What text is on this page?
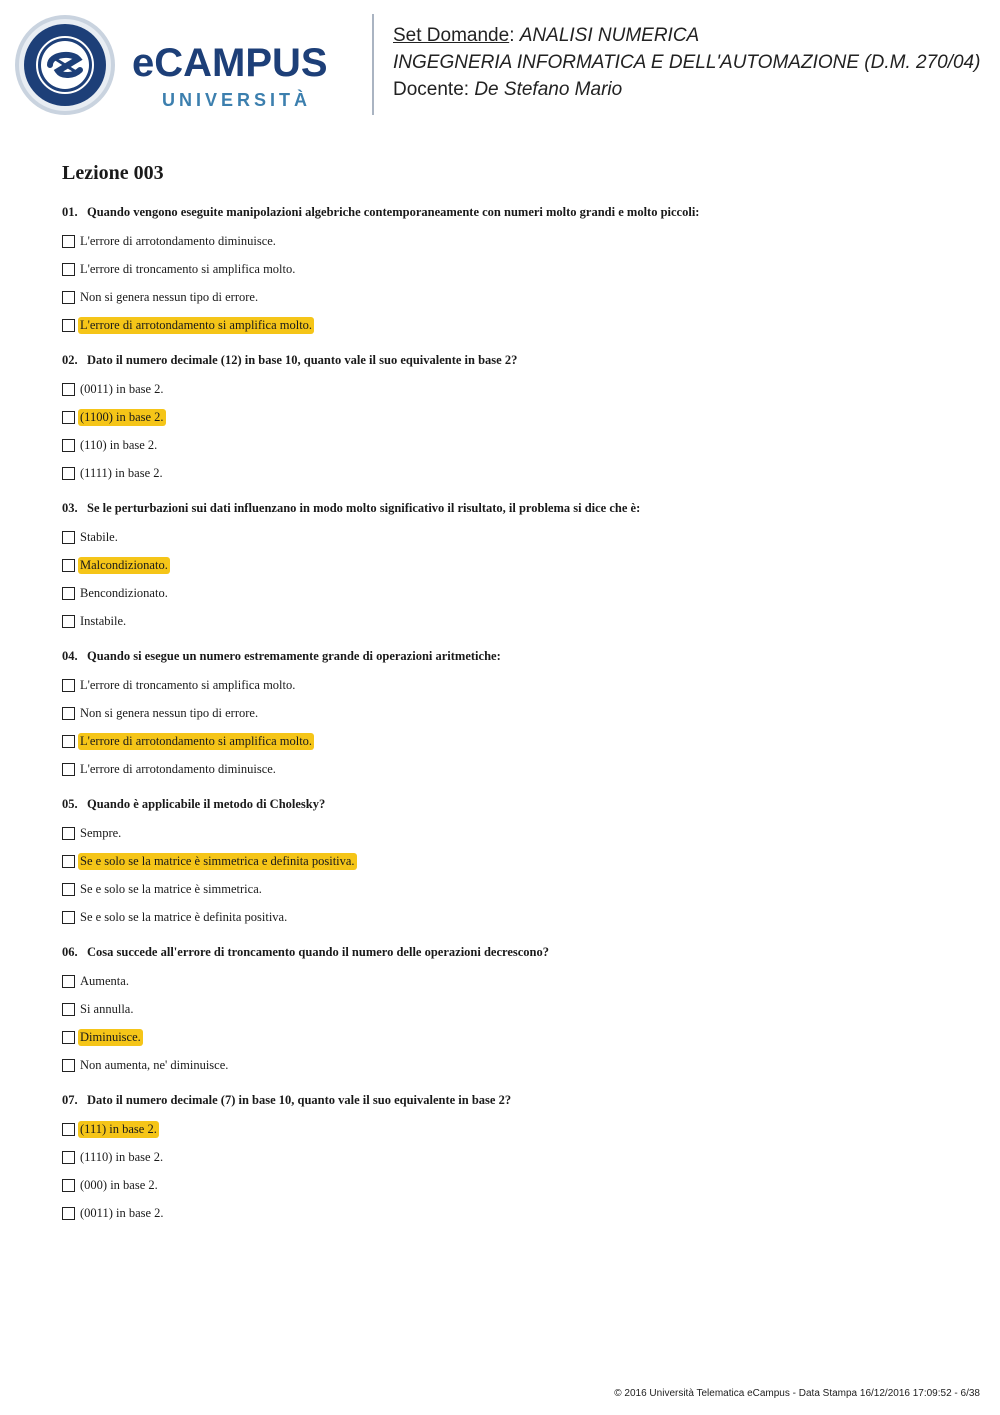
eCAMPUS
UNIVERSITÀ
Set Domande: ANALISI NUMERICA
INGEGNERIA INFORMATICA E DELL'AUTOMAZIONE (D.M. 270/04)
Docente: De Stefano Mario
Lezione 003
01. Quando vengono eseguite manipolazioni algebriche contemporaneamente con numeri molto grandi e molto piccoli:
L'errore di arrotondamento diminuisce.
L'errore di troncamento si amplifica molto.
Non si genera nessun tipo di errore.
L'errore di arrotondamento si amplifica molto.
02. Dato il numero decimale (12) in base 10, quanto vale il suo equivalente in base 2?
(0011) in base 2.
(1100) in base 2.
(110) in base 2.
(1111) in base 2.
03. Se le perturbazioni sui dati influenzano in modo molto significativo il risultato, il problema si dice che è:
Stabile.
Malcondizionato.
Bencondizionato.
Instabile.
04. Quando si esegue un numero estremamente grande di operazioni aritmetiche:
L'errore di troncamento si amplifica molto.
Non si genera nessun tipo di errore.
L'errore di arrotondamento si amplifica molto.
L'errore di arrotondamento diminuisce.
05. Quando è applicabile il metodo di Cholesky?
Sempre.
Se e solo se la matrice è simmetrica e definita positiva.
Se e solo se la matrice è simmetrica.
Se e solo se la matrice è definita positiva.
06. Cosa succede all'errore di troncamento quando il numero delle operazioni decrescono?
Aumenta.
Si annulla.
Diminuisce.
Non aumenta, ne' diminuisce.
07. Dato il numero decimale (7) in base 10, quanto vale il suo equivalente in base 2?
(111) in base 2.
(1110) in base 2.
(000) in base 2.
(0011) in base 2.
© 2016 Università Telematica eCampus - Data Stampa 16/12/2016 17:09:52 - 6/38
